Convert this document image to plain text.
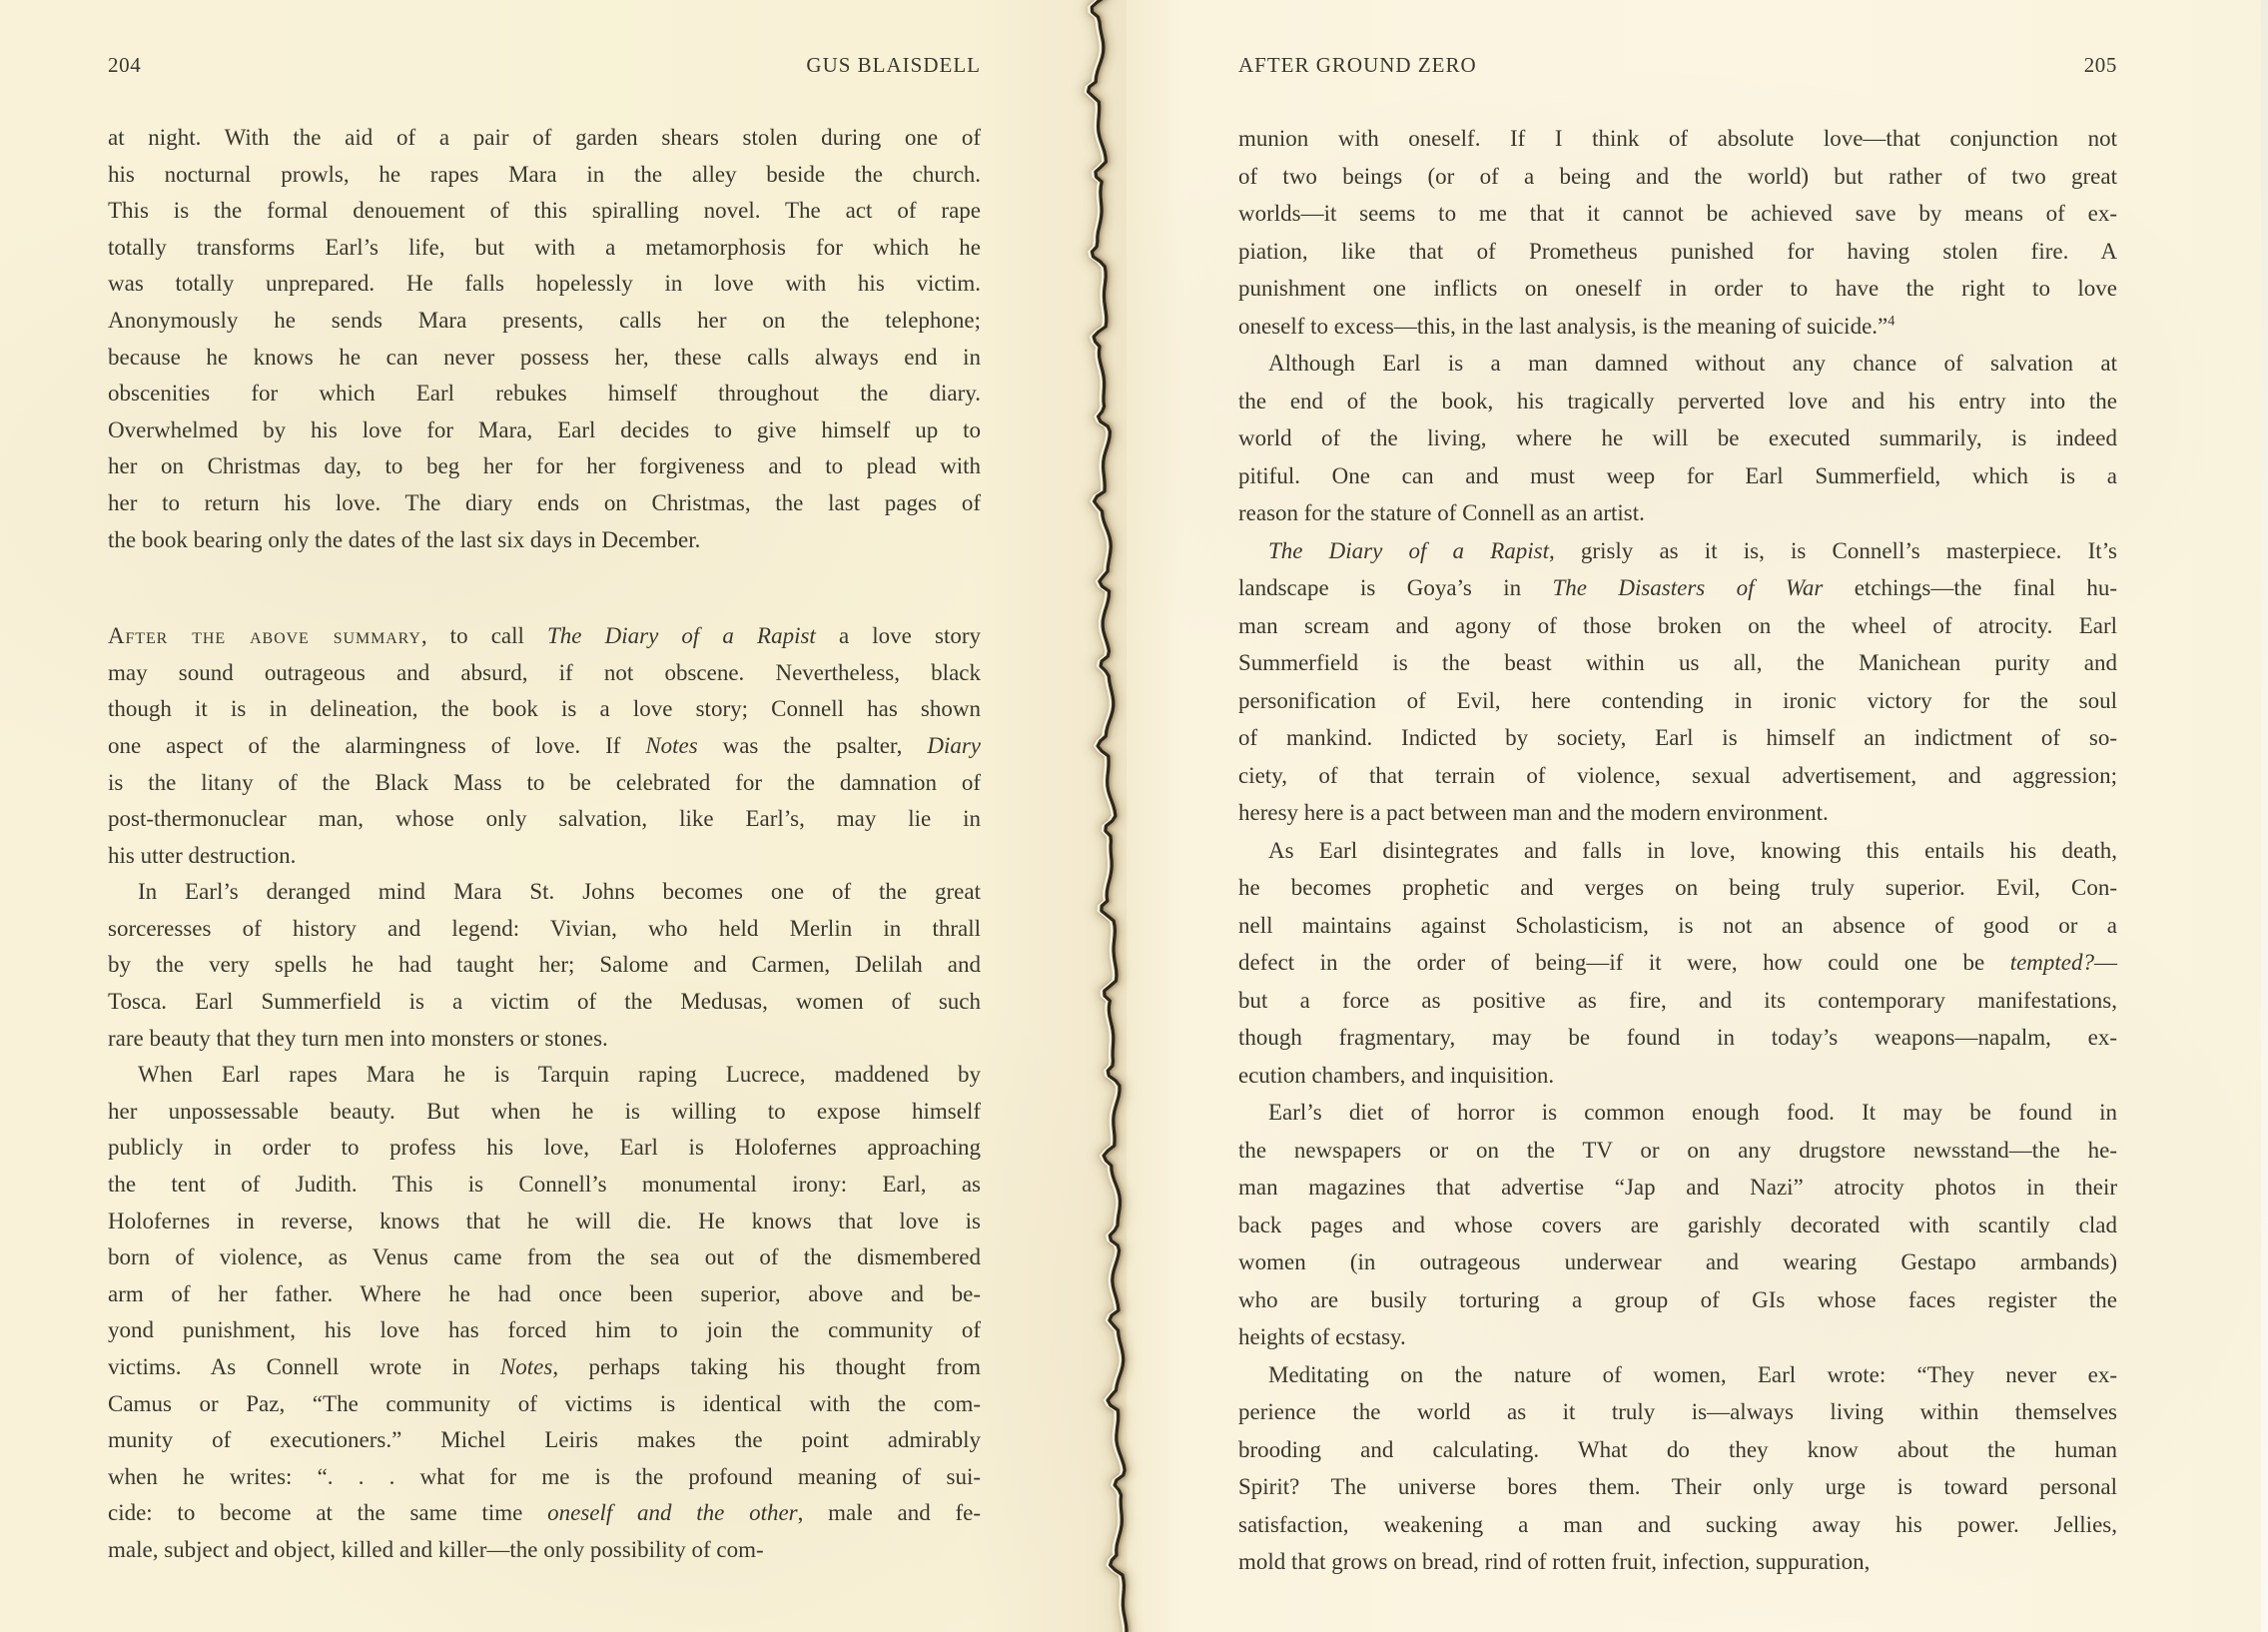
204	GUS BLAISDELL
at night. With the aid of a pair of garden shears stolen during one of
his nocturnal prowls, he rapes Mara in the alley beside the church.
This is the formal denouement of this spiralling novel. The act of rape
totally transforms Earl’s life, but with a metamorphosis for which he
was totally unprepared. He falls hopelessly in love with his victim.
Anonymously he sends Mara presents, calls her on the telephone;
because he knows he can never possess her, these calls always end in
obscenities for which Earl rebukes himself throughout the diary.
Overwhelmed by his love for Mara, Earl decides to give himself up to
her on Christmas day, to beg her for her forgiveness and to plead with
her to return his love. The diary ends on Christmas, the last pages of
the book bearing only the dates of the last six days in December.
After the above summary, to call The Diary of a Rapist a love story
may sound outrageous and absurd, if not obscene. Nevertheless, black
though it is in delineation, the book is a love story; Connell has shown
one aspect of the alarmingness of love. If Notes was the psalter, Diary
is the litany of the Black Mass to be celebrated for the damnation of
post-thermonuclear man, whose only salvation, like Earl’s, may lie in
his utter destruction.
In Earl’s deranged mind Mara St. Johns becomes one of the great
sorceresses of history and legend: Vivian, who held Merlin in thrall
by the very spells he had taught her; Salome and Carmen, Delilah and
Tosca. Earl Summerfield is a victim of the Medusas, women of such
rare beauty that they turn men into monsters or stones.
When Earl rapes Mara he is Tarquin raping Lucrece, maddened by
her unpossessable beauty. But when he is willing to expose himself
publicly in order to profess his love, Earl is Holofernes approaching
the tent of Judith. This is Connell’s monumental irony: Earl, as
Holofernes in reverse, knows that he will die. He knows that love is
born of violence, as Venus came from the sea out of the dismembered
arm of her father. Where he had once been superior, above and be-
yond punishment, his love has forced him to join the community of
victims. As Connell wrote in Notes, perhaps taking his thought from
Camus or Paz, “The community of victims is identical with the com-
munity of executioners.” Michel Leiris makes the point admirably
when he writes: “. . . what for me is the profound meaning of sui-
cide: to become at the same time oneself and the other, male and fe-
male, subject and object, killed and killer—the only possibility of com-
AFTER GROUND ZERO	205
munion with oneself. If I think of absolute love—that conjunction not
of two beings (or of a being and the world) but rather of two great
worlds—it seems to me that it cannot be achieved save by means of ex-
piation, like that of Prometheus punished for having stolen fire. A
punishment one inflicts on oneself in order to have the right to love
oneself to excess—this, in the last analysis, is the meaning of suicide.”$^4$
Although Earl is a man damned without any chance of salvation at
the end of the book, his tragically perverted love and his entry into the
world of the living, where he will be executed summarily, is indeed
pitiful. One can and must weep for Earl Summerfield, which is a
reason for the stature of Connell as an artist.
The Diary of a Rapist, grisly as it is, is Connell’s masterpiece. It’s
landscape is Goya’s in The Disasters of War etchings—the final hu-
man scream and agony of those broken on the wheel of atrocity. Earl
Summerfield is the beast within us all, the Manichean purity and
personification of Evil, here contending in ironic victory for the soul
of mankind. Indicted by society, Earl is himself an indictment of so-
ciety, of that terrain of violence, sexual advertisement, and aggression;
heresy here is a pact between man and the modern environment.
As Earl disintegrates and falls in love, knowing this entails his death,
he becomes prophetic and verges on being truly superior. Evil, Con-
nell maintains against Scholasticism, is not an absence of good or a
defect in the order of being—if it were, how could one be tempted?—
but a force as positive as fire, and its contemporary manifestations,
though fragmentary, may be found in today’s weapons—napalm, ex-
ecution chambers, and inquisition.
Earl’s diet of horror is common enough food. It may be found in
the newspapers or on the TV or on any drugstore newsstand—the he-
man magazines that advertise “Jap and Nazi” atrocity photos in their
back pages and whose covers are garishly decorated with scantily clad
women (in outrageous underwear and wearing Gestapo armbands)
who are busily torturing a group of GIs whose faces register the
heights of ecstasy.
Meditating on the nature of women, Earl wrote: “They never ex-
perience the world as it truly is—always living within themselves
brooding and calculating. What do they know about the human
Spirit? The universe bores them. Their only urge is toward personal
satisfaction, weakening a man and sucking away his power. Jellies,
mold that grows on bread, rind of rotten fruit, infection, suppuration,
